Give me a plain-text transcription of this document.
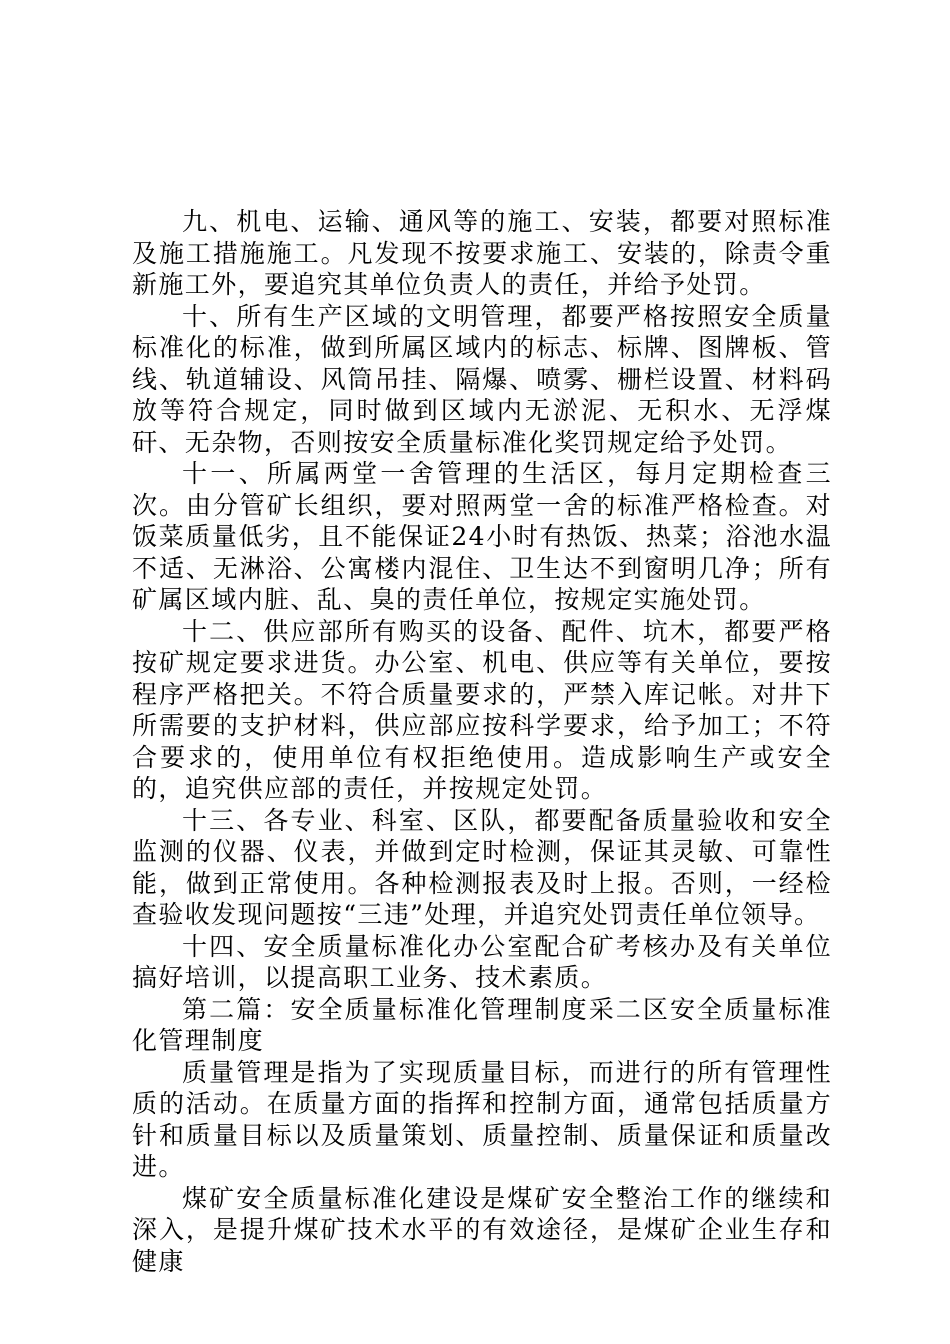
九、机电、运输、通风等的施工、安装，都要对照标准及施工措施施工。凡发现不按要求施工、安装的，除责令重新施工外，要追究其单位负责人的责任，并给予处罚。

十、所有生产区域的文明管理，都要严格按照安全质量标准化的标准，做到所属区域内的标志、标牌、图牌板、管线、轨道辅设、风筒吊挂、隔爆、喷雾、栅栏设置、材料码放等符合规定，同时做到区域内无淤泥、无积水、无浮煤矸、无杂物，否则按安全质量标准化奖罚规定给予处罚。

十一、所属两堂一舍管理的生活区，每月定期检查三次。由分管矿长组织，要对照两堂一舍的标准严格检查。对饭菜质量低劣，且不能保证24小时有热饭、热菜；浴池水温不适、无淋浴、公寓楼内混住、卫生达不到窗明几净；所有矿属区域内脏、乱、臭的责任单位，按规定实施处罚。

十二、供应部所有购买的设备、配件、坑木，都要严格按矿规定要求进货。办公室、机电、供应等有关单位，要按程序严格把关。不符合质量要求的，严禁入库记帐。对井下所需要的支护材料，供应部应按科学要求，给予加工；不符合要求的，使用单位有权拒绝使用。造成影响生产或安全的，追究供应部的责任，并按规定处罚。

十三、各专业、科室、区队，都要配备质量验收和安全监测的仪器、仪表，并做到定时检测，保证其灵敏、可靠性能，做到正常使用。各种检测报表及时上报。否则，一经检查验收发现问题按“三违”处理，并追究处罚责任单位领导。

十四、安全质量标准化办公室配合矿考核办及有关单位搞好培训，以提高职工业务、技术素质。

第二篇：安全质量标准化管理制度采二区安全质量标准化管理制度

质量管理是指为了实现质量目标，而进行的所有管理性质的活动。在质量方面的指挥和控制方面，通常包括质量方针和质量目标以及质量策划、质量控制、质量保证和质量改进。

煤矿安全质量标准化建设是煤矿安全整治工作的继续和深入，是提升煤矿技术水平的有效途径，是煤矿企业生存和健康
